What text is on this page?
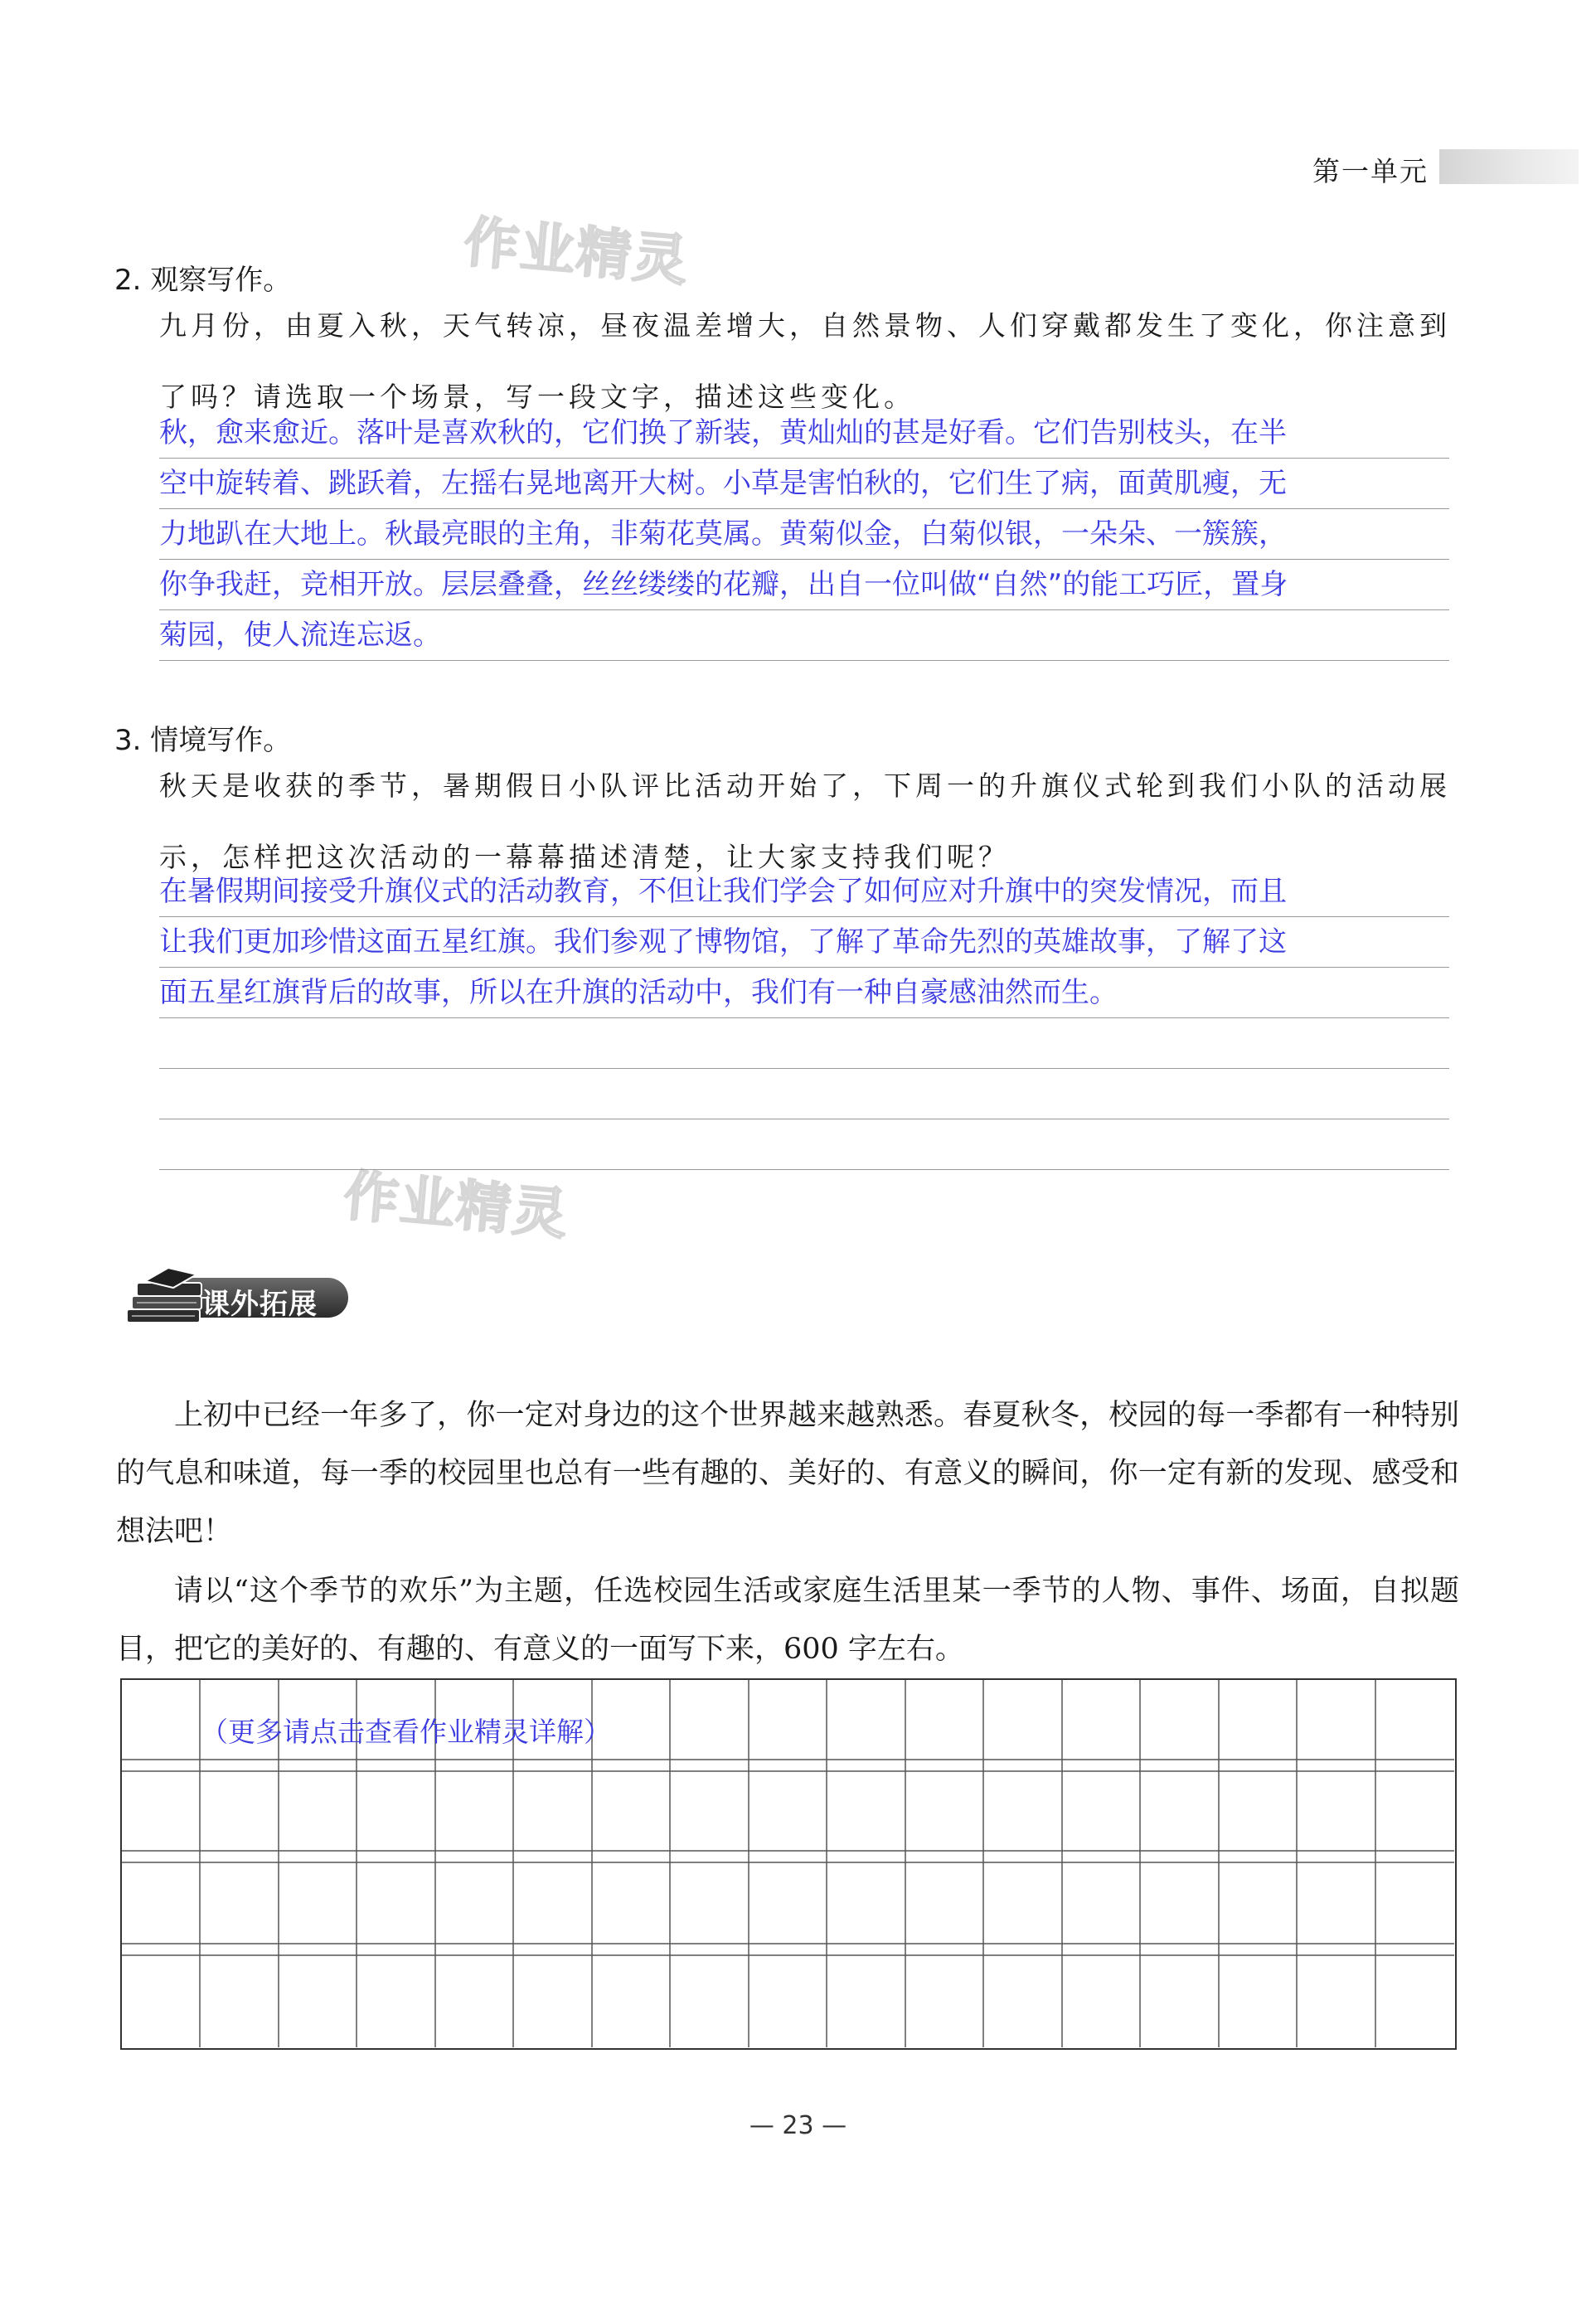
第一单元
作业精灵
作业精灵
2. 观察写作。

九月份，由夏入秋，天气转凉，昼夜温差增大，自然景物、人们穿戴都发生了变化，你注意到了吗？请选取一个场景，写一段文字，描述这些变化。

秋，愈来愈近。落叶是喜欢秋的，它们换了新装，黄灿灿的甚是好看。它们告别枝头，在半
空中旋转着、跳跃着，左摇右晃地离开大树。小草是害怕秋的，它们生了病，面黄肌瘦，无
力地趴在大地上。秋最亮眼的主角，非菊花莫属。黄菊似金，白菊似银，一朵朵、一簇簇，
你争我赶，竞相开放。层层叠叠，丝丝缕缕的花瓣，出自一位叫做“自然”的能工巧匠，置身
菊园，使人流连忘返。
3. 情境写作。

秋天是收获的季节，暑期假日小队评比活动开始了，下周一的升旗仪式轮到我们小队的活动展示，怎样把这次活动的一幕幕描述清楚，让大家支持我们呢？

在暑假期间接受升旗仪式的活动教育，不但让我们学会了如何应对升旗中的突发情况，而且
让我们更加珍惜这面五星红旗。我们参观了博物馆，了解了革命先烈的英雄故事，了解了这
面五星红旗背后的故事，所以在升旗的活动中，我们有一种自豪感油然而生。
课外拓展

上初中已经一年多了，你一定对身边的这个世界越来越熟悉。春夏秋冬，校园的每一季都有一种特别的气息和味道，每一季的校园里也总有一些有趣的、美好的、有意义的瞬间，你一定有新的发现、感受和想法吧！

请以“这个季节的欢乐”为主题，任选校园生活或家庭生活里某一季节的人物、事件、场面，自拟题目，把它的美好的、有趣的、有意义的一面写下来，600 字左右。

（更多请点击查看作业精灵详解）
— 23 —
